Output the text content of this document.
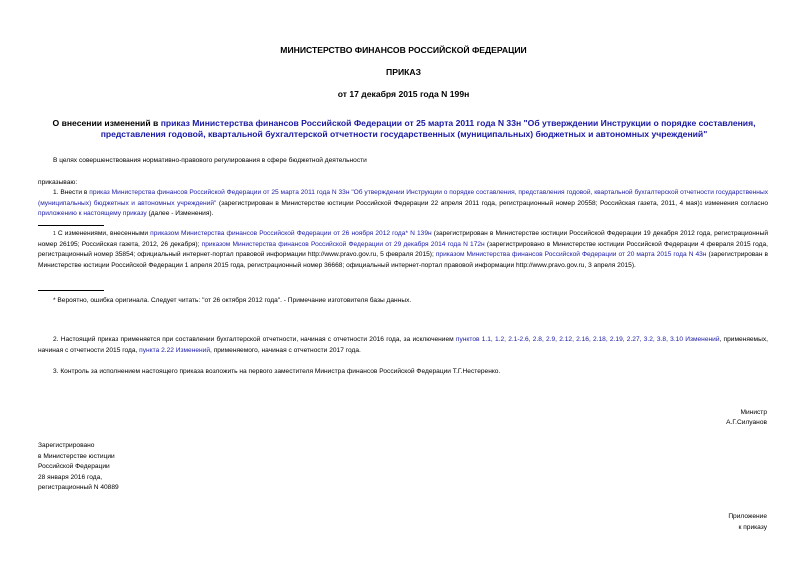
МИНИСТЕРСТВО ФИНАНСОВ РОССИЙСКОЙ ФЕДЕРАЦИИ
ПРИКАЗ
от 17 декабря 2015 года N 199н
О внесении изменений в приказ Министерства финансов Российской Федерации от 25 марта 2011 года N 33н "Об утверждении Инструкции о порядке составления, представления годовой, квартальной бухгалтерской отчетности государственных (муниципальных) бюджетных и автономных учреждений"
В целях совершенствования нормативно-правового регулирования в сфере бюджетной деятельности
приказываю:
1. Внести в приказ Министерства финансов Российской Федерации от 25 марта 2011 года N 33н "Об утверждении Инструкции о порядке составления, представления годовой, квартальной бухгалтерской отчетности государственных (муниципальных) бюджетных и автономных учреждений" (зарегистрирован в Министерстве юстиции Российской Федерации 22 апреля 2011 года, регистрационный номер 20558; Российская газета, 2011, 4 мая)$^1$ изменения согласно приложению к настоящему приказу (далее - Изменения).
$^1$ С изменениями, внесенными приказом Министерства финансов Российской Федерации от 26 ноября 2012 года* N 139н (зарегистрирован в Министерстве юстиции Российской Федерации 19 декабря 2012 года, регистрационный номер 26195; Российская газета, 2012, 26 декабря); приказом Министерства финансов Российской Федерации от 29 декабря 2014 года N 172н (зарегистрировано в Министерстве юстиции Российской Федерации 4 февраля 2015 года, регистрационный номер 35854; официальный интернет-портал правовой информации http://www.pravo.gov.ru, 5 февраля 2015); приказом Министерства финансов Российской Федерации от 20 марта 2015 года N 43н (зарегистрирован в Министерстве юстиции Российской Федерации 1 апреля 2015 года, регистрационный номер 36668; официальный интернет-портал правовой информации http://www.pravo.gov.ru, 3 апреля 2015).
* Вероятно, ошибка оригинала. Следует читать: "от 26 октября 2012 года". - Примечание изготовителя базы данных.
2. Настоящий приказ применяется при составлении бухгалтерской отчетности, начиная с отчетности 2016 года, за исключением пунктов 1.1, 1.2, 2.1-2.6, 2.8, 2.9, 2.12, 2.16, 2.18, 2.19, 2.27, 3.2, 3.8, 3.10 Изменений, применяемых, начиная с отчетности 2015 года, пункта 2.22 Изменений, применяемого, начиная с отчетности 2017 года.
3. Контроль за исполнением настоящего приказа возложить на первого заместителя Министра финансов Российской Федерации Т.Г.Нестеренко.
Министр
А.Г.Силуанов
Зарегистрировано
в Министерстве юстиции
Российской Федерации
28 января 2016 года,
регистрационный N 40889
Приложение
к приказу
